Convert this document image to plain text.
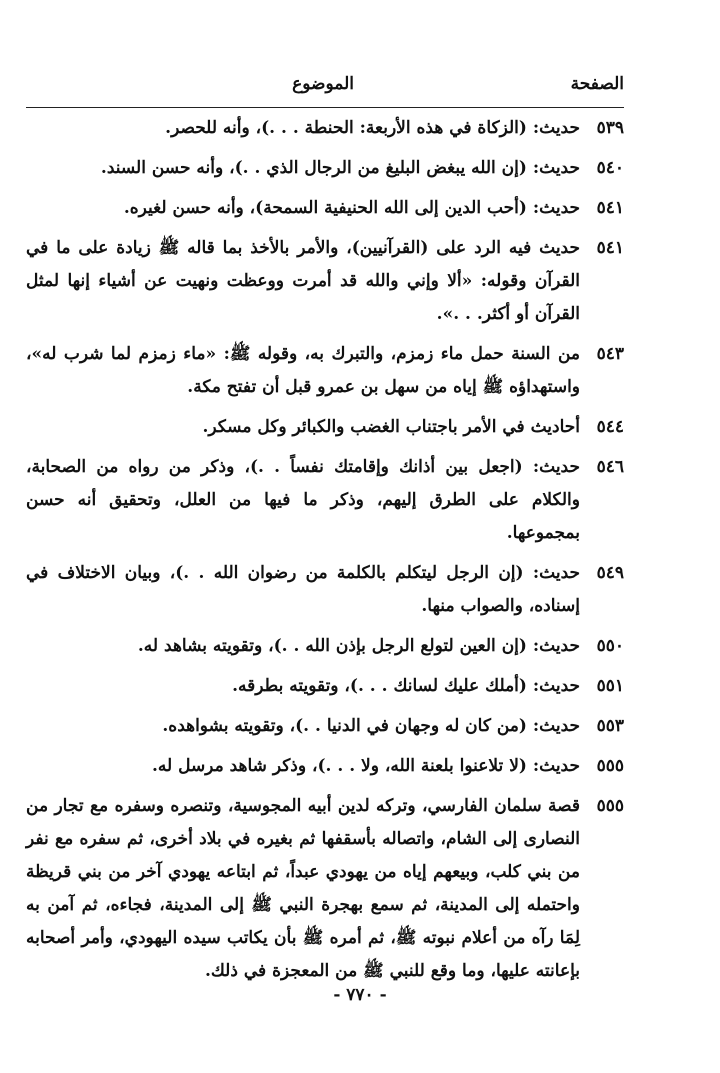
الصفحة
الموضوع
٥٣٩
حديث: (الزكاة في هذه الأربعة: الحنطة . . .)، وأنه للحصر.
٥٤٠
حديث: (إن الله يبغض البليغ من الرجال الذي . .)، وأنه حسن السند.
٥٤١
حديث: (أحب الدين إلى الله الحنيفية السمحة)، وأنه حسن لغيره.
٥٤١
حديث فيه الرد على (القرآنيين)، والأمر بالأخذ بما قاله ﷺ زيادة على ما في القرآن وقوله: «ألا وإني والله قد أمرت ووعظت ونهيت عن أشياء إنها لمثل القرآن أو أكثر. . .».
٥٤٣
من السنة حمل ماء زمزم، والتبرك به، وقوله ﷺ: «ماء زمزم لما شرب له»، واستهداؤه ﷺ إياه من سهل بن عمرو قبل أن تفتح مكة.
٥٤٤
أحاديث في الأمر باجتناب الغضب والكبائر وكل مسكر.
٥٤٦
حديث: (اجعل بين أذانك وإقامتك نفساً . .)، وذكر من رواه من الصحابة، والكلام على الطرق إليهم، وذكر ما فيها من العلل، وتحقيق أنه حسن بمجموعها.
٥٤٩
حديث: (إن الرجل ليتكلم بالكلمة من رضوان الله . .)، وبيان الاختلاف في إسناده، والصواب منها.
٥٥٠
حديث: (إن العين لتولع الرجل بإذن الله . .)، وتقويته بشاهد له.
٥٥١
حديث: (أملك عليك لسانك . . .)، وتقويته بطرقه.
٥٥٣
حديث: (من كان له وجهان في الدنيا . .)، وتقويته بشواهده.
٥٥٥
حديث: (لا تلاعنوا بلعنة الله، ولا . . .)، وذكر شاهد مرسل له.
٥٥٥
قصة سلمان الفارسي، وتركه لدين أبيه المجوسية، وتنصره وسفره مع تجار من النصارى إلى الشام، واتصاله بأسقفها ثم بغيره في بلاد أخرى، ثم سفره مع نفر من بني كلب، وبيعهم إياه من يهودي عبداً، ثم ابتاعه يهودي آخر من بني قريظة واحتمله إلى المدينة، ثم سمع بهجرة النبي ﷺ إلى المدينة، فجاءه، ثم آمن به لِمَا رآه من أعلام نبوته ﷺ، ثم أمره ﷺ بأن يكاتب سيده اليهودي، وأمر أصحابه بإعانته عليها، وما وقع للنبي ﷺ من المعجزة في ذلك.
- ٧٧٠ -
